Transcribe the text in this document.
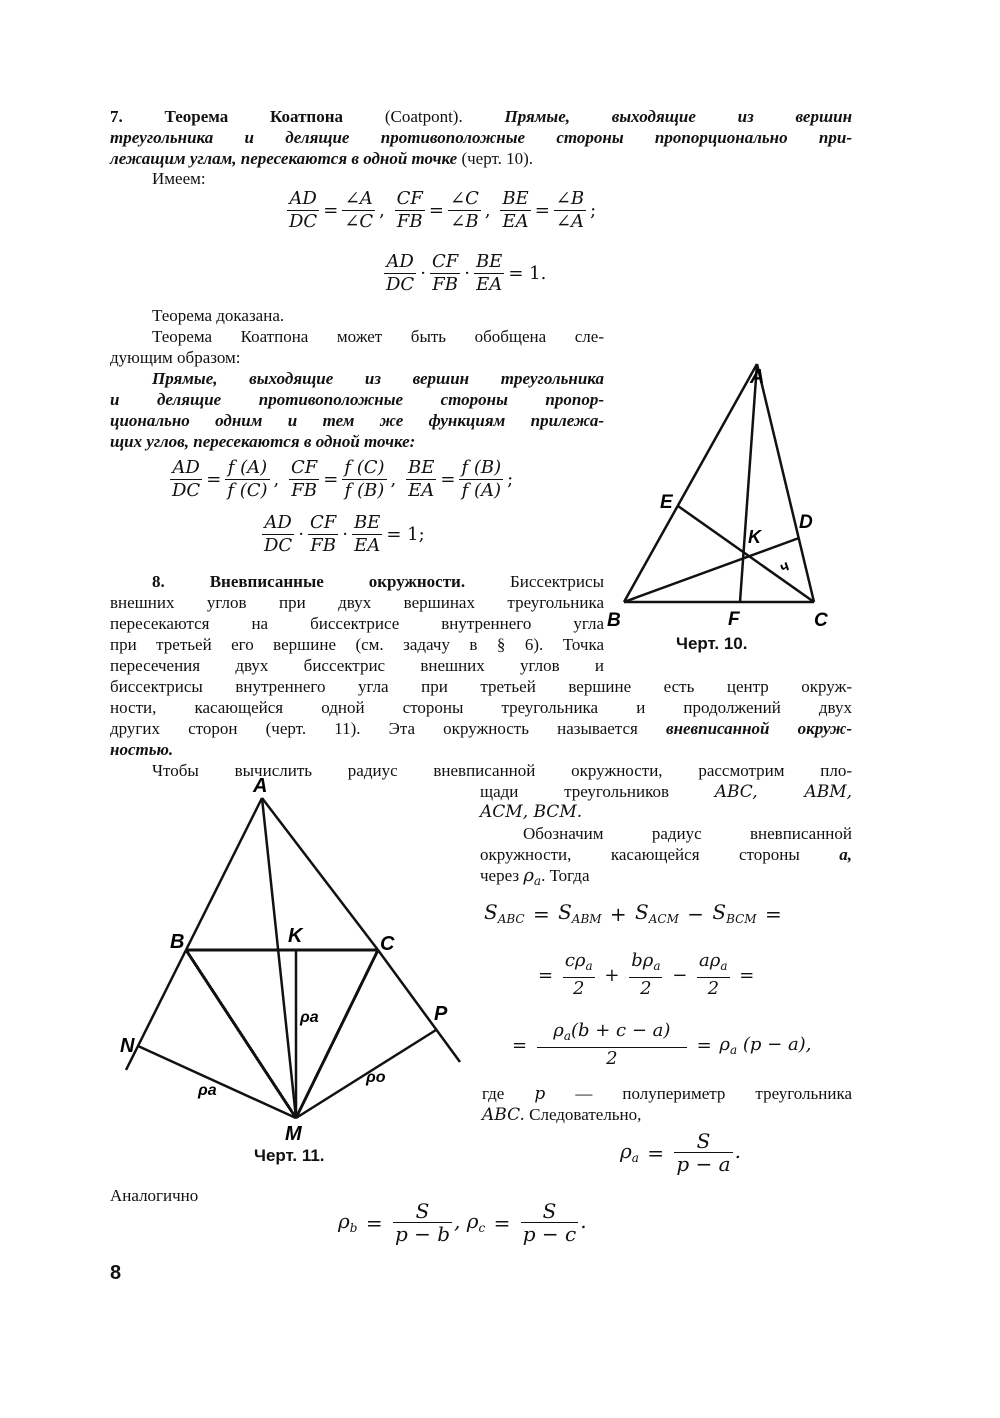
7. Теорема Коатпона (Coatpont). Прямые, выходящие из вершин
треугольника и делящие противоположные стороны пропорционально при-
лежащим углам, пересекаются в одной точке (черт. 10).
Имеем:
$\frac{AD}{DC} = \frac{\angle A}{\angle C}$ , $\frac{CF}{FB} = \frac{\angle C}{\angle B}$ , $\frac{BE}{EA} = \frac{\angle B}{\angle A}$ ;
$\frac{AD}{DC} \cdot \frac{CF}{FB} \cdot \frac{BE}{EA} = 1$.
Теорема доказана.
Теорема Коатпона может быть обобщена сле-
дующим образом:
Прямые, выходящие из вершин треугольника
и делящие противоположные стороны пропор-
ционально одним и тем же функциям прилежа-
щих углов, пересекаются в одной точке:
$\frac{AD}{DC} = \frac{f (A)}{f (C)}$ , $\frac{CF}{FB} = \frac{f (C)}{f (B)}$ , $\frac{BE}{EA} = \frac{f (B)}{f (A)}$ ;
$\frac{AD}{DC} \cdot \frac{CF}{FB} \cdot \frac{BE}{EA} = 1$;
A
B	C
D
E
F
K
ч
Черт. 10.
8.	Вневписанные окружности.	Биссектрисы
внешних углов при двух вершинах треугольника
пересекаются на биссектрисе внутреннего угла
при третьей его вершине (см. задачу в § 6). Точка
пересечения двух биссектрис внешних углов и
биссектрисы внутреннего угла при третьей вершине есть центр окруж-
ности, касающейся одной стороны треугольника и продолжений двух
других сторон (черт. 11). Эта окружность называется вневписанной окруж-
ностью.
Чтобы вычислить радиус вневписанной окружности, рассмотрим пло-
щади треугольников	ABC, ABM,
ACM, BCM.
Обозначим радиус вневписанной
окружности, касающейся стороны a,
через $\rho_a$. Тогда
$S_{ABC} = S_{ABM} + S_{ACM} - S_{BCM}$ =
= $\frac{c\rho_a}{2} + \frac{b\rho_a}{2} - \frac{a\rho_a}{2}$ =
= $\frac{\rho_a(b + c - a)}{2} = \rho_a$ (p − a),
где p — полупериметр треугольника
ABC. Следовательно,
$\rho_a = \frac{S}{p - a}$ .
A
B	C
K
M
N
P
ρa
ρa
ρo
Черт. 11.
Аналогично
$\rho_b = \frac{S}{p - b}$ , $\rho_c = \frac{S}{p - c}$ .
8
